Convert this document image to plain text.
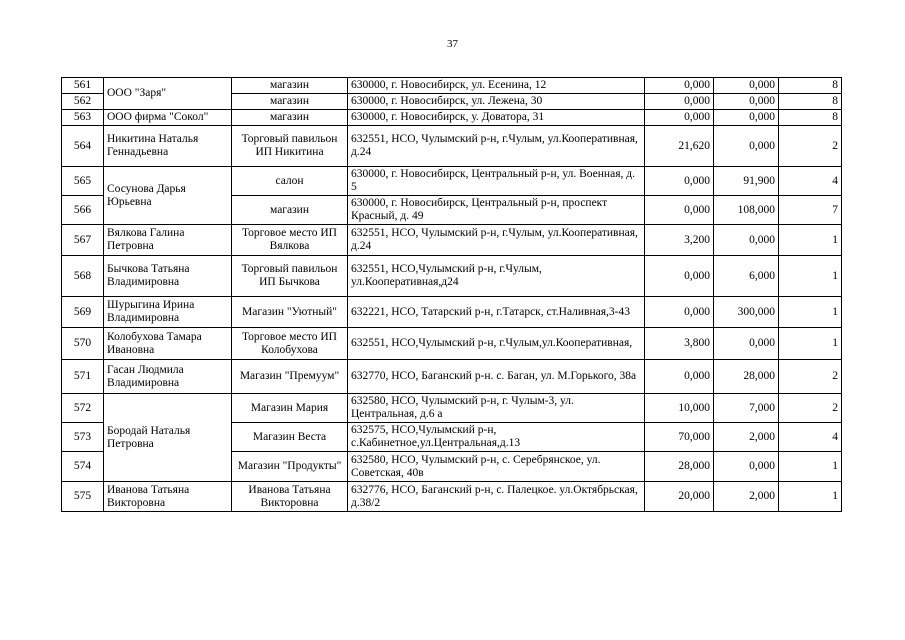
37
561	ООО "Заря"	магазин	630000, г. Новосибирск, ул. Есенина, 12	0,000	0,000	8
562		магазин	630000, г. Новосибирск, ул. Лежена, 30	0,000	0,000	8
563	ООО фирма "Сокол"	магазин	630000, г. Новосибирск, у. Доватора, 31	0,000	0,000	8
564	Никитина Наталья Геннадьевна	Торговый павильон ИП Никитина	632551, НСО, Чулымский р-н, г.Чулым, ул.Кооперативная, д.24	21,620	0,000	2
565	Сосунова Дарья Юрьевна	салон	630000, г. Новосибирск, Центральный р-н, ул. Военная, д. 5	0,000	91,900	4
566		магазин	630000, г. Новосибирск, Центральный р-н, проспект Красный, д. 49	0,000	108,000	7
567	Вялкова Галина Петровна	Торговое место ИП Вялкова	632551, НСО, Чулымский р-н, г.Чулым, ул.Кооперативная, д.24	3,200	0,000	1
568	Бычкова Татьяна Владимировна	Торговый павильон ИП Бычкова	632551, НСО,Чулымский р-н, г.Чулым, ул.Кооперативная,д24	0,000	6,000	1
569	Шурыгина Ирина Владимировна	Магазин "Уютный"	632221, НСО, Татарский р-н, г.Татарск, ст.Наливная,3-43	0,000	300,000	1
570	Колобухова Тамара Ивановна	Торговое место ИП Колобухова	632551, НСО,Чулымский р-н, г.Чулым,ул.Кооперативная,	3,800	0,000	1
571	Гасан Людмила Владимировна	Магазин "Премуум"	632770, НСО, Баганский р-н. с. Баган, ул. М.Горького, 38а	0,000	28,000	2
572	Бородай Наталья Петровна	Магазин Мария	632580, НСО, Чулымский р-н, г. Чулым-3, ул. Центральная, д.6 а	10,000	7,000	2
573		Магазин Веста	632575, НСО,Чулымский р-н, с.Кабинетное,ул.Центральная,д.13	70,000	2,000	4
574		Магазин "Продукты"	632580, НСО, Чулымский р-н, с. Серебрянское, ул. Советская, 40в	28,000	0,000	1
575	Иванова Татьяна Викторовна	Иванова Татьяна Викторовна	632776, НСО, Баганский р-н, с. Палецкое. ул.Октябрьская, д.38/2	20,000	2,000	1
